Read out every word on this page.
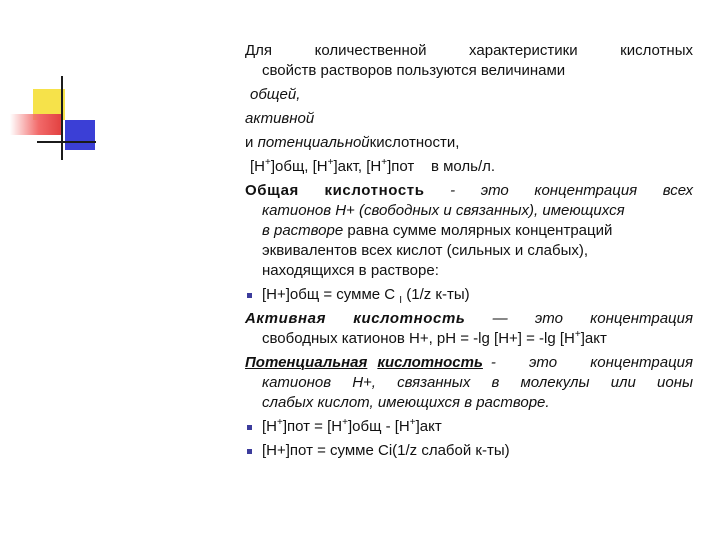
Для	количественной	характеристики	кислотных
свойств растворов пользуются величинами
общей,
активной
и потенциальнойкислотности,
[H+]общ, [H+]акт, [H+]пот в моль/л.
Общая кислотность - это концентрация всех
катионов Н+ (свободных и связанных), имеющихся
в растворе равна сумме молярных концентраций
эквивалентов всех кислот (сильных и слабых),
находящихся в растворе:
[H+]общ = сумме С $_I$ (1/z к-ты)
Активная кислотность — это концентрация
свободных катионов Н+, рН = -lg [H+] = -lg [H+]акт
Потенциальная кислотность - это концентрация
катионов Н+, связанных в молекулы или ионы
слабых кислот, имеющихся в растворе.
[H+]пот = [H+]общ - [H+]акт
[H+]пот = сумме Сi(1/z слабой к-ты)
